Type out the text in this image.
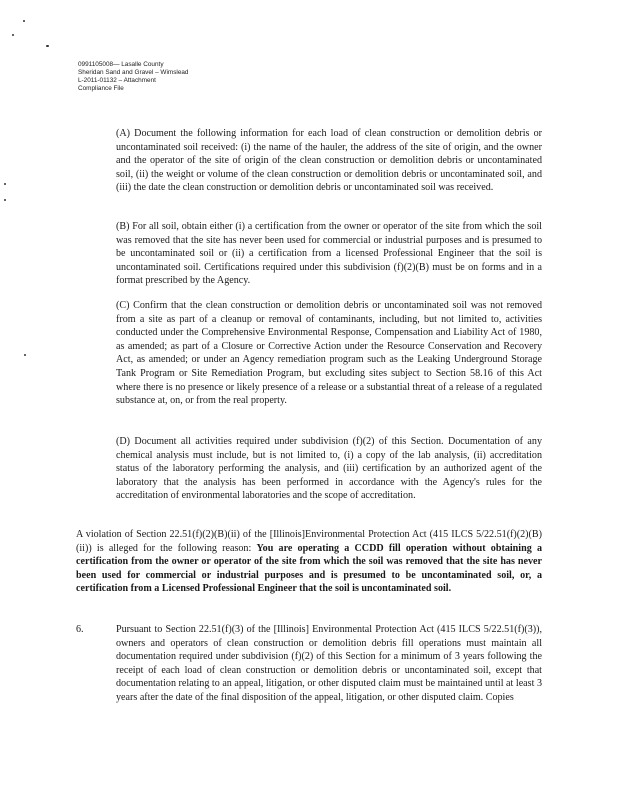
0991105008— Lasalle County
Sheridan Sand and Gravel – Wimslead
L-2011-01132 – Attachment
Compliance File

(A) Document the following information for each load of clean construction or demolition debris or uncontaminated soil received: (i) the name of the hauler, the address of the site of origin, and the owner and the operator of the site of origin of the clean construction or demolition debris or uncontaminated soil, (ii) the weight or volume of the clean construction or demolition debris or uncontaminated soil, and (iii) the date the clean construction or demolition debris or uncontaminated soil was received.

(B) For all soil, obtain either (i) a certification from the owner or operator of the site from which the soil was removed that the site has never been used for commercial or industrial purposes and is presumed to be uncontaminated soil or (ii) a certification from a licensed Professional Engineer that the soil is uncontaminated soil. Certifications required under this subdivision (f)(2)(B) must be on forms and in a format prescribed by the Agency.

(C) Confirm that the clean construction or demolition debris or uncontaminated soil was not removed from a site as part of a cleanup or removal of contaminants, including, but not limited to, activities conducted under the Comprehensive Environmental Response, Compensation and Liability Act of 1980, as amended; as part of a Closure or Corrective Action under the Resource Conservation and Recovery Act, as amended; or under an Agency remediation program such as the Leaking Underground Storage Tank Program or Site Remediation Program, but excluding sites subject to Section 58.16 of this Act where there is no presence or likely presence of a release or a substantial threat of a release of a regulated substance at, on, or from the real property.

(D) Document all activities required under subdivision (f)(2) of this Section. Documentation of any chemical analysis must include, but is not limited to, (i) a copy of the lab analysis, (ii) accreditation status of the laboratory performing the analysis, and (iii) certification by an authorized agent of the laboratory that the analysis has been performed in accordance with the Agency's rules for the accreditation of environmental laboratories and the scope of accreditation.

A violation of Section 22.51(f)(2)(B)(ii) of the [Illinois]Environmental Protection Act (415 ILCS 5/22.51(f)(2)(B)(ii)) is alleged for the following reason: You are operating a CCDD fill operation without obtaining a certification from the owner or operator of the site from which the soil was removed that the site has never been used for commercial or industrial purposes and is presumed to be uncontaminated soil, or, a certification from a Licensed Professional Engineer that the soil is uncontaminated soil.

6.	Pursuant to Section 22.51(f)(3) of the [Illinois] Environmental Protection Act (415 ILCS 5/22.51(f)(3)), owners and operators of clean construction or demolition debris fill operations must maintain all documentation required under subdivision (f)(2) of this Section for a minimum of 3 years following the receipt of each load of clean construction or demolition debris or uncontaminated soil, except that documentation relating to an appeal, litigation, or other disputed claim must be maintained until at least 3 years after the date of the final disposition of the appeal, litigation, or other disputed claim. Copies
